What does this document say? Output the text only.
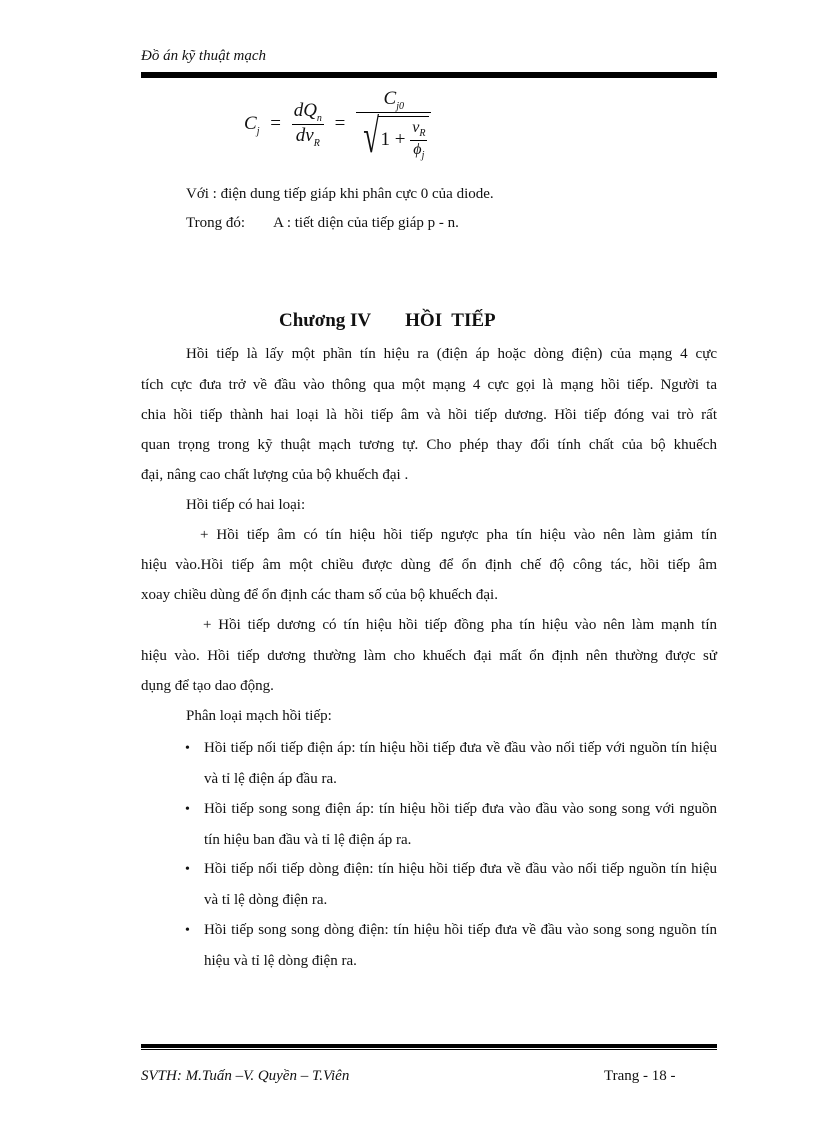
Đồ án kỹ thuật mạch
$C_j = \frac{dQ_n}{dv_R}$ =
$C_{j0}$
√ 1 +
$\frac{v_R}{\phi_j}$
Với : điện dung tiếp giáp khi phân cực 0 của diode.
Trong đó: A : tiết diện của tiếp giáp p - n.
Chương IV HỒI  TIẾP
Hồi tiếp là lấy một phần tín hiệu ra (điện áp hoặc dòng điện) của mạng 4 cực
tích cực đưa trở về đầu vào thông qua một mạng 4 cực gọi là mạng hồi tiếp. Người ta
chia hồi tiếp thành hai loại là hồi tiếp âm và hồi tiếp dương. Hồi tiếp đóng vai trò rất
quan trọng trong kỹ thuật mạch tương tự. Cho phép thay đổi tính chất của bộ khuếch
đại, nâng cao chất lượng của bộ khuếch đại .
Hồi tiếp có hai loại:
+ Hồi tiếp âm có tín hiệu hồi tiếp ngược pha tín hiệu vào nên làm giảm tín
hiệu vào.Hồi tiếp âm một chiều được dùng để ổn định chế độ công tác, hồi tiếp âm
xoay chiều dùng để ổn định các tham số của bộ khuếch đại.
+ Hồi tiếp dương có tín hiệu hồi tiếp đồng pha tín hiệu vào nên làm mạnh tín
hiệu vào. Hồi tiếp dương thường làm cho khuếch đại mất ổn định nên thường được sử
dụng để tạo dao động.
Phân loại mạch hồi tiếp:
• Hồi tiếp nối tiếp điện áp: tín hiệu hồi tiếp đưa về đầu vào nối tiếp với nguồn tín hiệu và tỉ lệ điện áp đầu ra.
• Hồi tiếp song song điện áp: tín hiệu hồi tiếp đưa vào đầu vào song song với nguồn tín hiệu ban đầu và tỉ lệ điện áp ra.
• Hồi tiếp nối tiếp dòng điện: tín hiệu hồi tiếp đưa về đầu vào nối tiếp nguồn tín hiệu và tỉ lệ dòng điện ra.
• Hồi tiếp song song dòng điện: tín hiệu hồi tiếp đưa về đầu vào song song nguồn tín hiệu và tỉ lệ dòng điện ra.
SVTH: M.Tuấn –V. Quyền – T.Viên	Trang - 18 -
